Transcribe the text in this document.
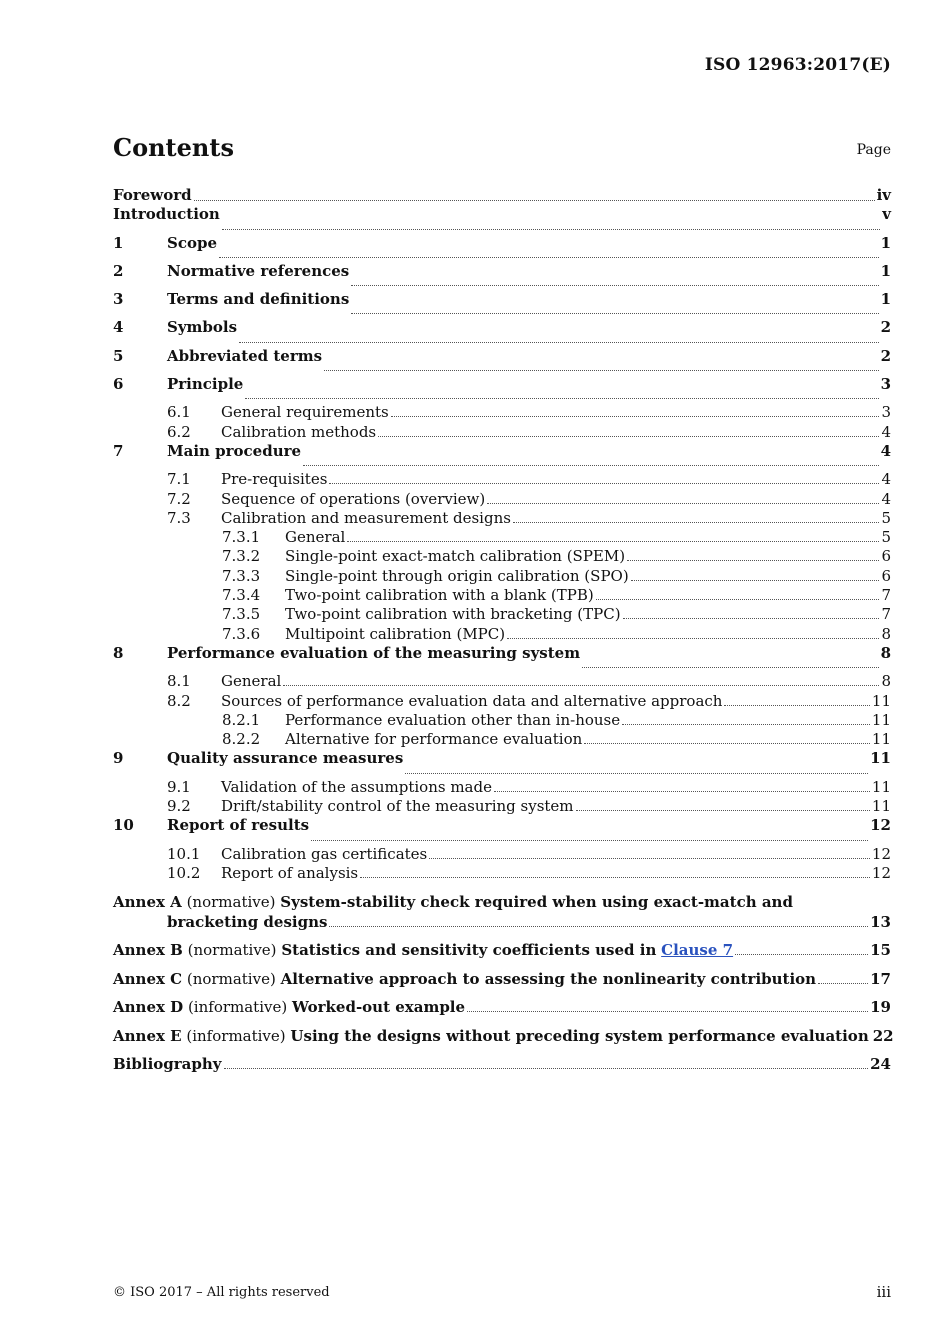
ISO 12963:2017(E)
Contents	Page
Foreword	iv
Introduction	v
1	Scope	1
2	Normative references	1
3	Terms and definitions	1
4	Symbols	2
5	Abbreviated terms	2
6	Principle	3
6.1	General requirements	3
6.2	Calibration methods	4
7	Main procedure	4
7.1	Pre-requisites	4
7.2	Sequence of operations (overview)	4
7.3	Calibration and measurement designs	5
7.3.1	General	5
7.3.2	Single-point exact-match calibration (SPEM)	6
7.3.3	Single-point through origin calibration (SPO)	6
7.3.4	Two-point calibration with a blank (TPB)	7
7.3.5	Two-point calibration with bracketing (TPC)	7
7.3.6	Multipoint calibration (MPC)	8
8	Performance evaluation of the measuring system	8
8.1	General	8
8.2	Sources of performance evaluation data and alternative approach	11
8.2.1	Performance evaluation other than in-house	11
8.2.2	Alternative for performance evaluation	11
9	Quality assurance measures	11
9.1	Validation of the assumptions made	11
9.2	Drift/stability control of the measuring system	11
10	Report of results	12
10.1	Calibration gas certificates	12
10.2	Report of analysis	12
Annex A (normative) System-stability check required when using exact-match and
bracketing designs	13
Annex B (normative) Statistics and sensitivity coefficients used in Clause 7	15
Annex C (normative) Alternative approach to assessing the nonlinearity contribution	17
Annex D (informative) Worked-out example	19
Annex E (informative) Using the designs without preceding system performance evaluation 22
Bibliography	24
© ISO 2017 – All rights reserved	iii
